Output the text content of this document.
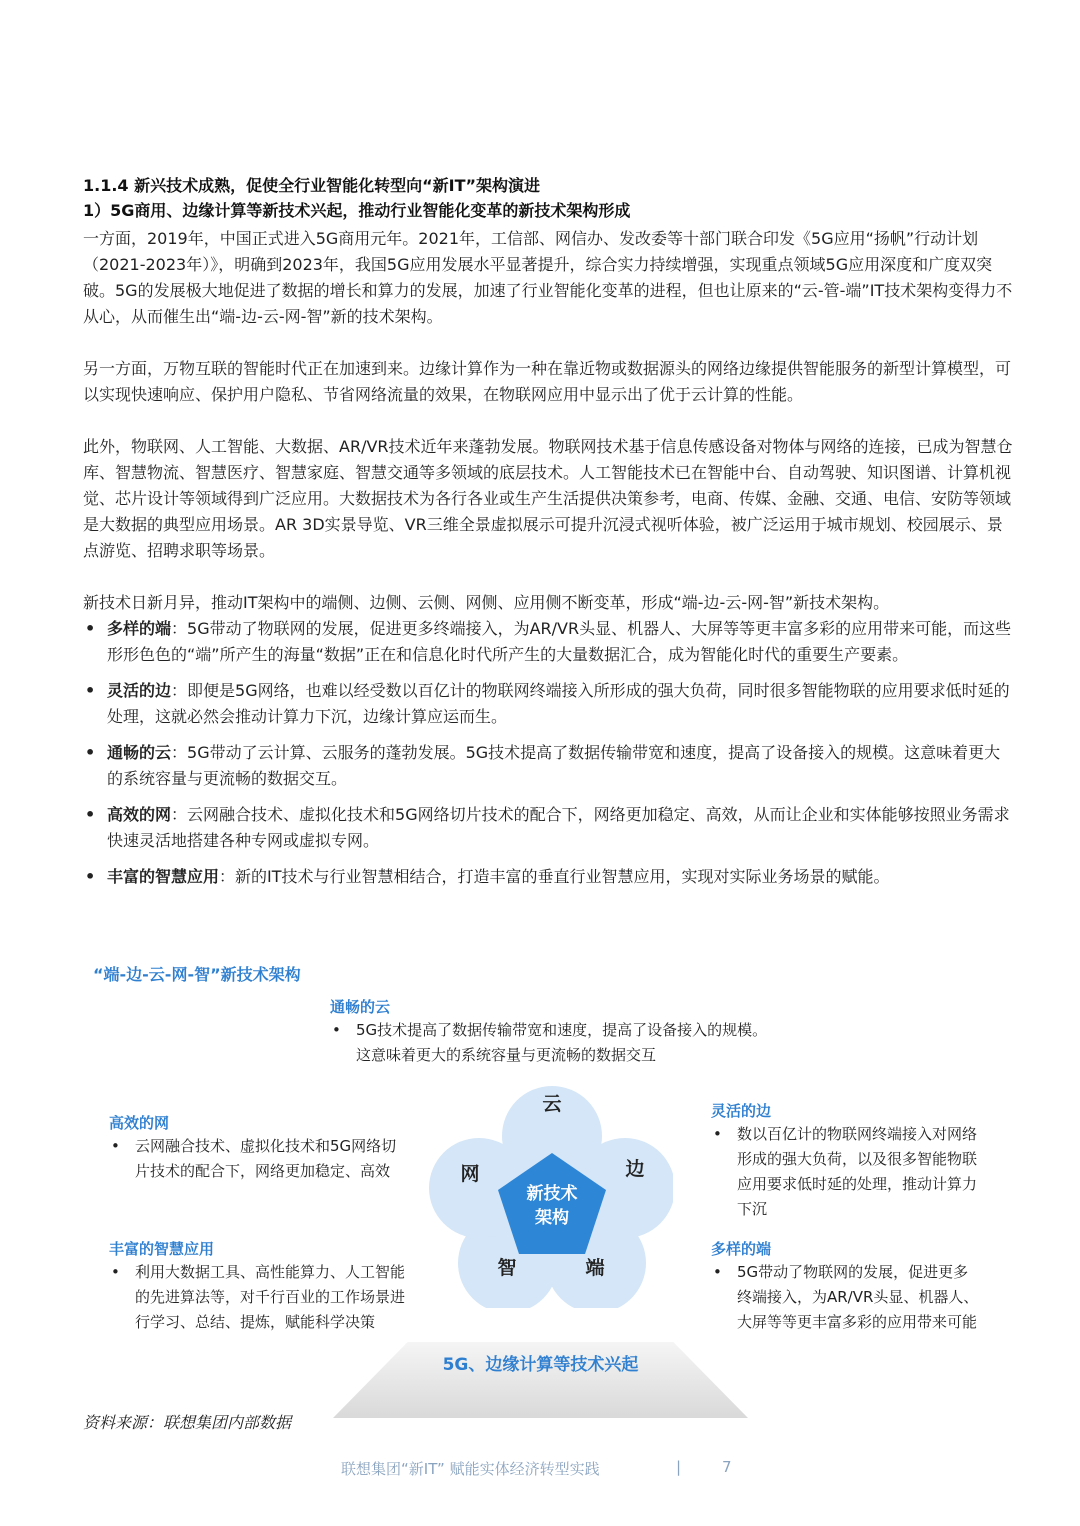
1.1.4 新兴技术成熟，促使全行业智能化转型向“新IT”架构演进

1）5G商用、边缘计算等新技术兴起，推动行业智能化变革的新技术架构形成

一方面，2019年，中国正式进入5G商用元年。2021年，工信部、网信办、发改委等十部门联合印发《5G应用“扬帆”行动计划（2021-2023年）》，明确到2023年，我国5G应用发展水平显著提升，综合实力持续增强，实现重点领域5G应用深度和广度双突破。5G的发展极大地促进了数据的增长和算力的发展，加速了行业智能化变革的进程，但也让原来的“云-管-端”IT技术架构变得力不从心，从而催生出“端-边-云-网-智”新的技术架构。

另一方面，万物互联的智能时代正在加速到来。边缘计算作为一种在靠近物或数据源头的网络边缘提供智能服务的新型计算模型，可以实现快速响应、保护用户隐私、节省网络流量的效果，在物联网应用中显示出了优于云计算的性能。

此外，物联网、人工智能、大数据、AR/VR技术近年来蓬勃发展。物联网技术基于信息传感设备对物体与网络的连接，已成为智慧仓库、智慧物流、智慧医疗、智慧家庭、智慧交通等多领域的底层技术。人工智能技术已在智能中台、自动驾驶、知识图谱、计算机视觉、芯片设计等领域得到广泛应用。大数据技术为各行各业或生产生活提供决策参考，电商、传媒、金融、交通、电信、安防等领域是大数据的典型应用场景。AR 3D实景导览、VR三维全景虚拟展示可提升沉浸式视听体验，被广泛运用于城市规划、校园展示、景点游览、招聘求职等场景。

新技术日新月异，推动IT架构中的端侧、边侧、云侧、网侧、应用侧不断变革，形成“端-边-云-网-智”新技术架构。

• 多样的端：5G带动了物联网的发展，促进更多终端接入，为AR/VR头显、机器人、大屏等等更丰富多彩的应用带来可能，而这些形形色色的“端”所产生的海量“数据”正在和信息化时代所产生的大量数据汇合，成为智能化时代的重要生产要素。
• 灵活的边：即便是5G网络，也难以经受数以百亿计的物联网终端接入所形成的强大负荷，同时很多智能物联的应用要求低时延的处理，这就必然会推动计算力下沉，边缘计算应运而生。
• 通畅的云：5G带动了云计算、云服务的蓬勃发展。5G技术提高了数据传输带宽和速度，提高了设备接入的规模。这意味着更大的系统容量与更流畅的数据交互。
• 高效的网：云网融合技术、虚拟化技术和5G网络切片技术的配合下，网络更加稳定、高效，从而让企业和实体能够按照业务需求快速灵活地搭建各种专网或虚拟专网。
• 丰富的智慧应用：新的IT技术与行业智慧相结合，打造丰富的垂直行业智慧应用，实现对实际业务场景的赋能。
“端-边-云-网-智”新技术架构
通畅的云
• 5G技术提高了数据传输带宽和速度，提高了设备接入的规模。这意味着更大的系统容量与更流畅的数据交互
高效的网
• 云网融合技术、虚拟化技术和5G网络切片技术的配合下，网络更加稳定、高效
丰富的智慧应用
• 利用大数据工具、高性能算力、人工智能的先进算法等，对千行百业的工作场景进行学习、总结、提炼，赋能科学决策
灵活的边
• 数以百亿计的物联网终端接入对网络形成的强大负荷，以及很多智能物联应用要求低时延的处理，推动计算力下沉
多样的端
• 5G带动了物联网的发展，促进更多终端接入，为AR/VR头显、机器人、大屏等等更丰富多彩的应用带来可能
云
边
端
智
网
新技术
架构
5G、边缘计算等技术兴起
资料来源：联想集团内部数据
联想集团“新IT” 赋能实体经济转型实践	|	7
